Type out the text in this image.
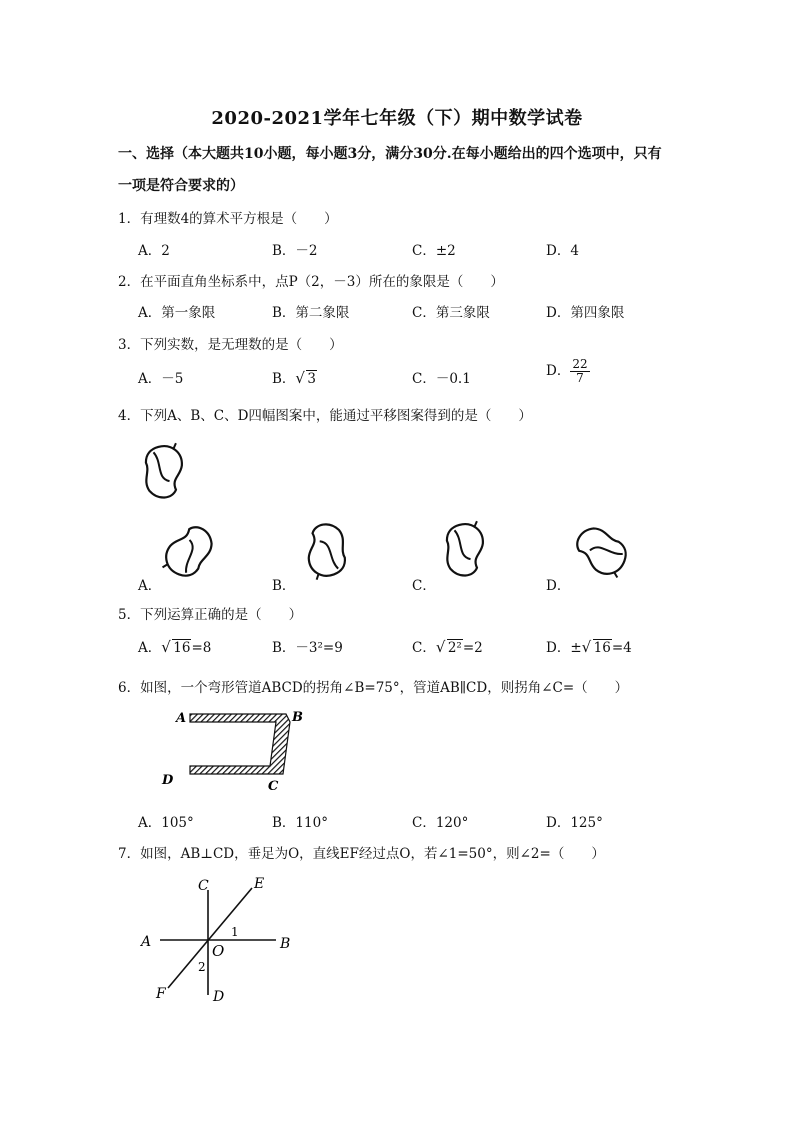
2020-2021学年七年级（下）期中数学试卷
一、选择（本大题共10小题，每小题3分，满分30分.在每小题给出的四个选项中，只有
一项是符合要求的）
1．有理数4的算术平方根是（　　）
A．2	B．－2	C．±2	D．4
2．在平面直角坐标系中，点P（2，－3）所在的象限是（　　）
A．第一象限	B．第二象限	C．第三象限	D．第四象限
3．下列实数，是无理数的是（　　）
A．－5	B． √ 3	C．－0.1	D． $\frac{22}{7}$
4．下列A、B、C、D四幅图案中，能通过平移图案得到的是（　　）
A	B
C
D
A	B
C
D
E
F
O
1
2
A．	B．	C．	D．
5．下列运算正确的是（　　）
A． √ 16=8	B．－3²=9	C． √ 2²=2	D．± √ 16=4
6．如图，一个弯形管道ABCD的拐角∠B=75°，管道AB∥CD，则拐角∠C=（　　）
A．105°	B．110°	C．120°	D．125°
7．如图，AB⊥CD，垂足为O，直线EF经过点O，若∠1=50°，则∠2=（　　）
